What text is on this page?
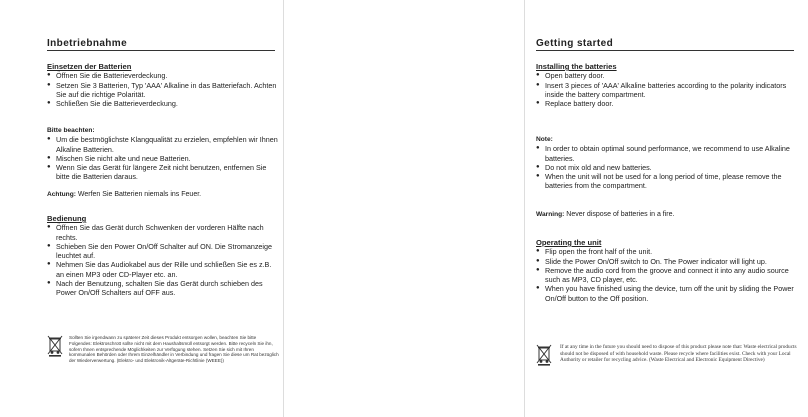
Inbetriebnahme
Einsetzen der Batterien
● Öffnen Sie die Batterieverdeckung.
● Setzen Sie 3 Batterien, Typ 'AAA' Alkaline in das Batteriefach. Achten Sie auf die richtige Polarität.
● Schließen Sie die Batterieverdeckung.
Bitte beachten:
● Um die bestmöglichste Klangqualität zu erzielen, empfehlen wir Ihnen Alkaline Batterien.
● Mischen Sie nicht alte und neue Batterien.
● Wenn Sie das Gerät für längere Zeit nicht benutzen, entfernen Sie bitte die Batterien daraus.
Achtung: Werfen Sie Batterien niemals ins Feuer.
Bedienung
● Öffnen Sie das Gerät durch Schwenken der vorderen Hälfte nach rechts.
● Schieben Sie den Power On/Off Schalter auf ON. Die Stromanzeige leuchtet auf.
● Nehmen Sie das Audiokabel aus der Rille und schließen Sie es z.B. an einen MP3 oder CD-Player etc. an.
● Nach der Benutzung, schalten Sie das Gerät durch schieben des Power On/Off Schalters auf OFF aus.
Sollten Sie irgendwann zu späterer Zeit dieses Produkt entsorgen wollen, beachten Sie bitte Folgendes: Elektroschrott sollte nicht mit dem Haushaltsmüll entsorgt werden. Bitte recyceln Sie ihn, sofern Ihnen entsprechende Möglichkeiten zur Verfügung stehen. Setzen Sie sich mit Ihren kommunalen Behörden oder Ihrem Einzelhändler in Verbindung und fragen Sie diese um Rat bezüglich der Wiederverwertung. (Elektro- und Elektronik-Altgeräte-Richtlinie (WEEE))
Getting started
Installing the batteries
● Open battery door.
● Insert 3 pieces of 'AAA' Alkaline batteries according to the polarity indicators inside the battery compartment.
● Replace battery door.
Note:
● In order to obtain optimal sound performance, we recommend to use Alkaline batteries.
● Do not mix old and new batteries.
● When the unit will not be used for a long period of time, please remove the batteries from the compartment.
Warning: Never dispose of batteries in a fire.
Operating the unit
● Flip open the front half of the unit.
● Slide the Power On/Off switch to On. The Power indicator will light up.
● Remove the audio cord from the groove and connect it into any audio source such as MP3, CD player, etc.
● When you have finished using the device, turn off the unit by sliding the Power On/Off button to the Off position.
If at any time in the future you should need to dispose of this product please note that: Waste electrical products should not be disposed of with household waste. Please recycle where facilities exist. Check with your Local Authority or retailer for recycling advice. (Waste Electrical and Electronic Equipment Directive)
